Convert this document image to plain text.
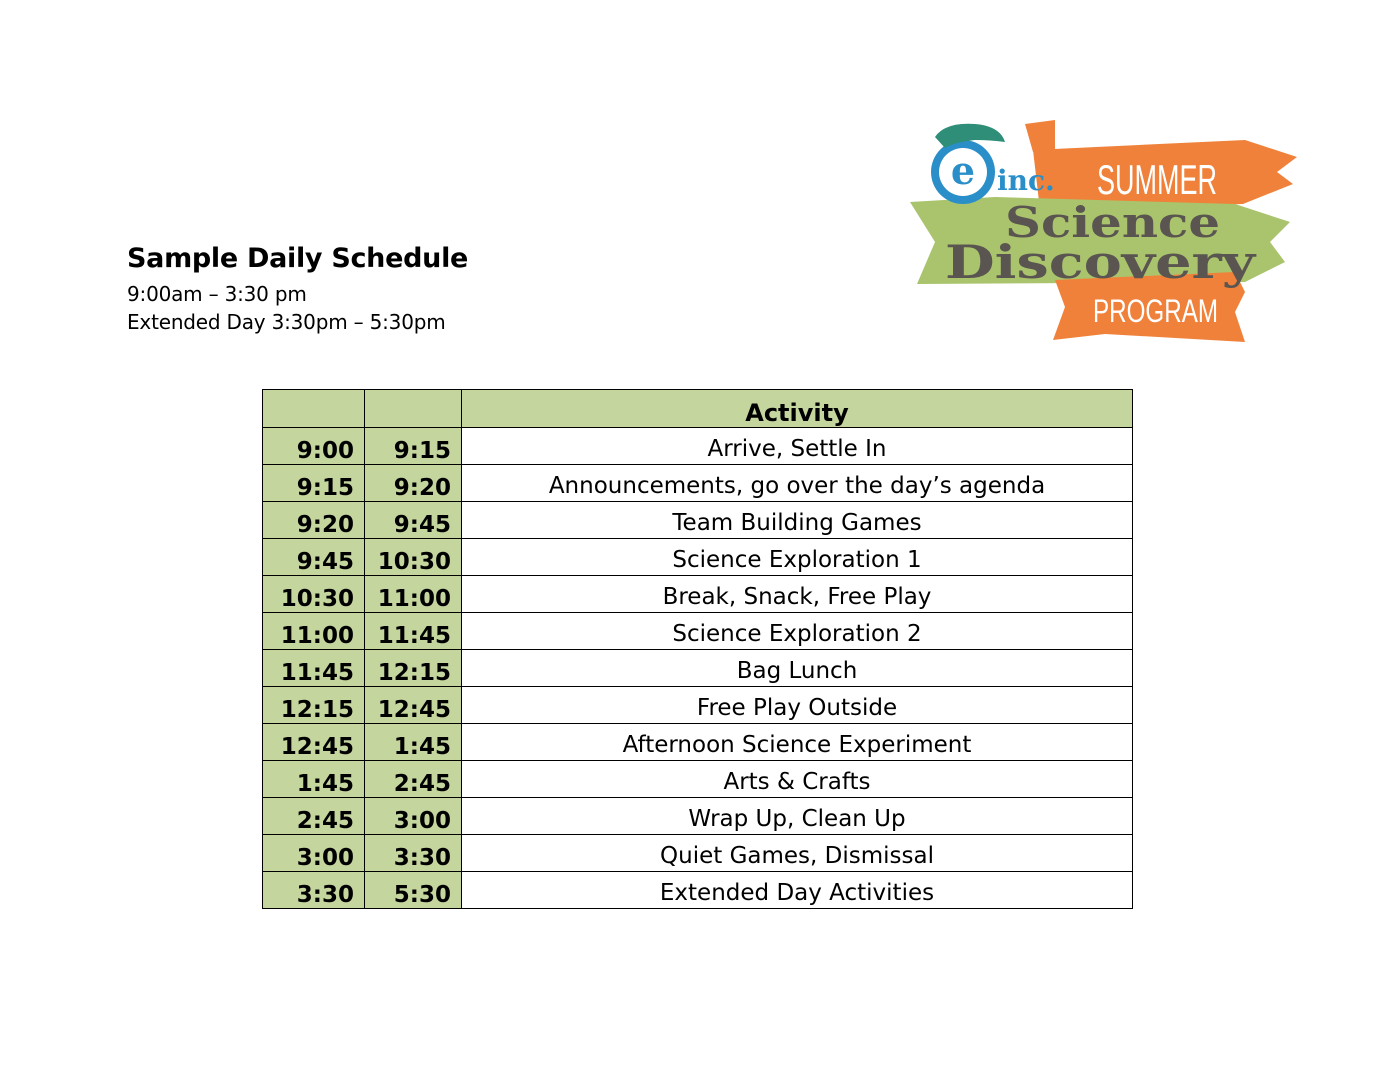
Sample Daily Schedule

9:00am – 3:30 pm

Extended Day 3:30pm – 5:30pm

e inc. SUMMER
Science
Discovery
PROGRAM
		Activity
9:00	9:15	Arrive, Settle In
9:15	9:20	Announcements, go over the day’s agenda
9:20	9:45	Team Building Games
9:45	10:30	Science Exploration 1
10:30	11:00	Break, Snack, Free Play
11:00	11:45	Science Exploration 2
11:45	12:15	Bag Lunch
12:15	12:45	Free Play Outside
12:45	1:45	Afternoon Science Experiment
1:45	2:45	Arts & Crafts
2:45	3:00	Wrap Up, Clean Up
3:00	3:30	Quiet Games, Dismissal
3:30	5:30	Extended Day Activities
